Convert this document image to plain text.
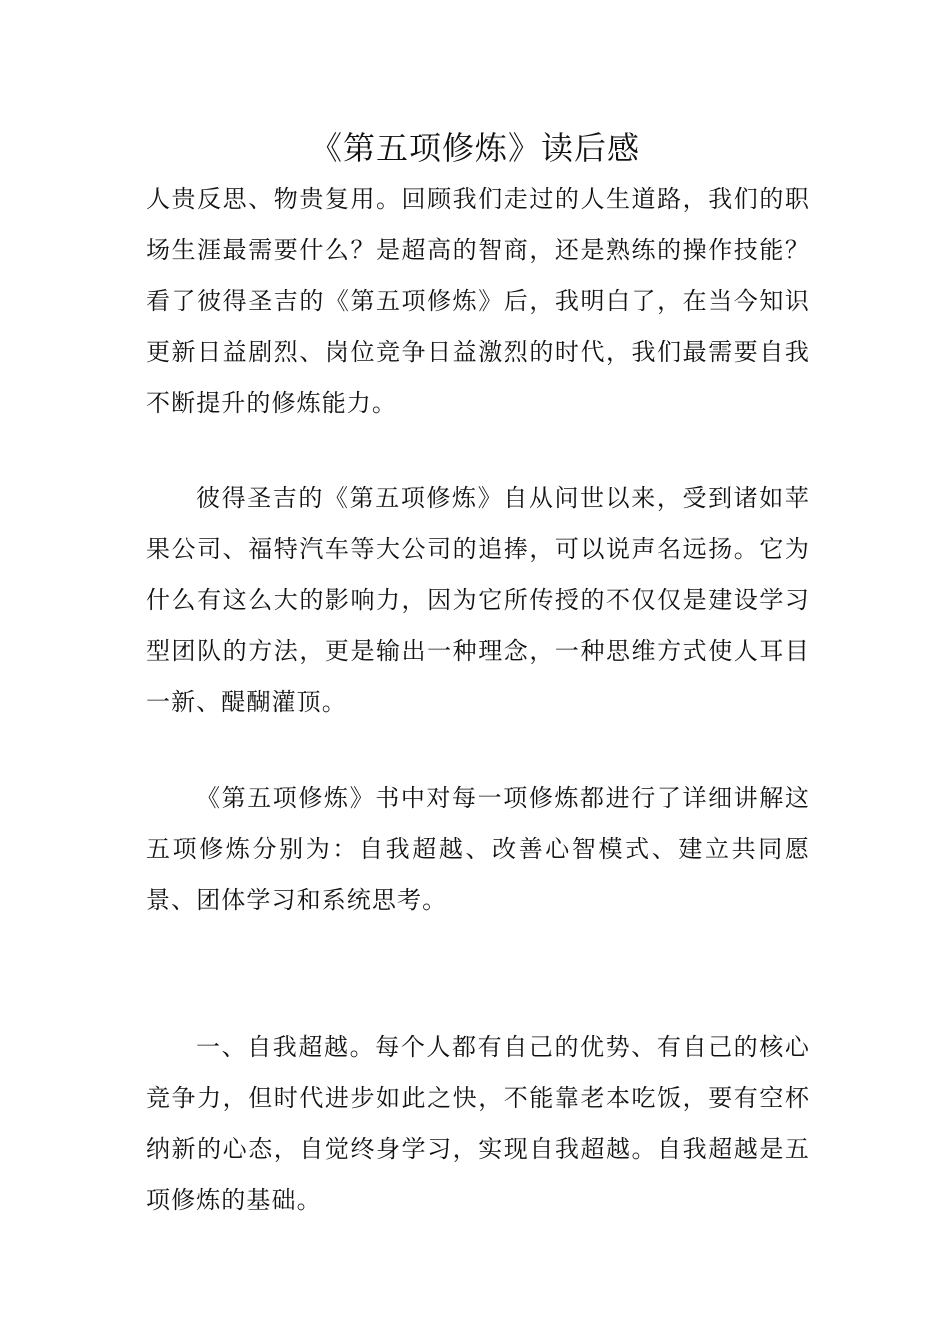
《第五项修炼》读后感

人贵反思、物贵复用。回顾我们走过的人生道路，我们的职场生涯最需要什么？是超高的智商，还是熟练的操作技能？看了彼得圣吉的《第五项修炼》后，我明白了，在当今知识更新日益剧烈、岗位竞争日益激烈的时代，我们最需要自我不断提升的修炼能力。

彼得圣吉的《第五项修炼》自从问世以来，受到诸如苹果公司、福特汽车等大公司的追捧，可以说声名远扬。它为什么有这么大的影响力，因为它所传授的不仅仅是建设学习型团队的方法，更是输出一种理念，一种思维方式使人耳目一新、醍醐灌顶。

《第五项修炼》书中对每一项修炼都进行了详细讲解这五项修炼分别为：自我超越、改善心智模式、建立共同愿景、团体学习和系统思考。

一、自我超越。每个人都有自己的优势、有自己的核心竞争力，但时代进步如此之快，不能靠老本吃饭，要有空杯纳新的心态，自觉终身学习，实现自我超越。自我超越是五项修炼的基础。
